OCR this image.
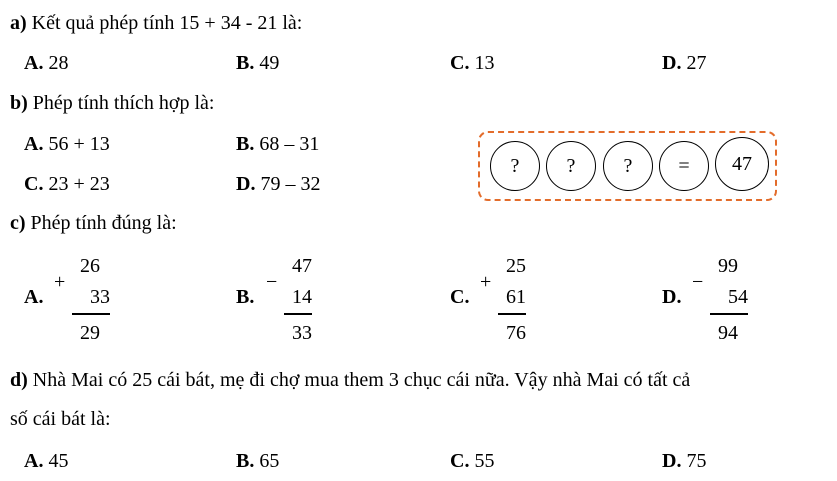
a) Kết quả phép tính 15 + 34 - 21 là:
A. 28	B. 49	C. 13	D. 27
b) Phép tính thích hợp là:
A. 56 + 13	B. 68 – 31
C. 23 + 23	D. 79 – 32
?	?	?	=	47
c) Phép tính đúng là:
A.
+
26
33
29
B.
−
47
14
33
C.
+
25
61
76
D.
−
99
54
94
d) Nhà Mai có 25 cái bát, mẹ đi chợ mua them 3 chục cái nữa. Vậy nhà Mai có tất cả
số cái bát là:
A. 45	B. 65	C. 55	D. 75
